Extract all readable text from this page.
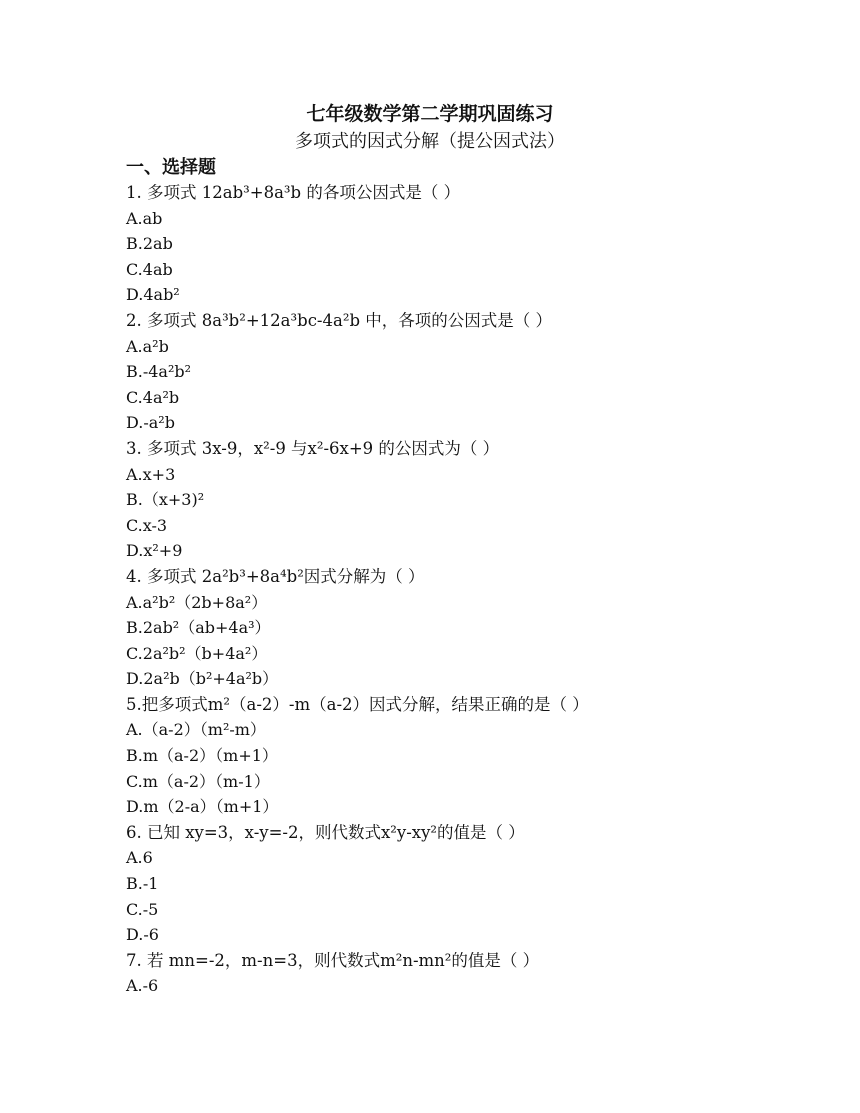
七年级数学第二学期巩固练习
多项式的因式分解（提公因式法）
一、选择题
1. 多项式 12ab³+8a³b 的各项公因式是（ ）
A.ab
B.2ab
C.4ab
D.4ab²
2. 多项式 8a³b²+12a³bc-4a²b 中，各项的公因式是（ ）
A.a²b
B.-4a²b²
C.4a²b
D.-a²b
3. 多项式 3x-9，x²-9 与x²-6x+9 的公因式为（ ）
A.x+3
B.（x+3)²
C.x-3
D.x²+9
4. 多项式 2a²b³+8a⁴b²因式分解为（ ）
A.a²b²（2b+8a²）
B.2ab²（ab+4a³）
C.2a²b²（b+4a²）
D.2a²b（b²+4a²b）
5.把多项式m²（a-2）-m（a-2）因式分解，结果正确的是（ ）
A.（a-2）（m²-m）
B.m（a-2）（m+1）
C.m（a-2）（m-1）
D.m（2-a）（m+1）
6. 已知 xy=3，x-y=-2，则代数式x²y-xy²的值是（ ）
A.6
B.-1
C.-5
D.-6
7. 若 mn=-2，m-n=3，则代数式m²n-mn²的值是（ ）
A.-6
